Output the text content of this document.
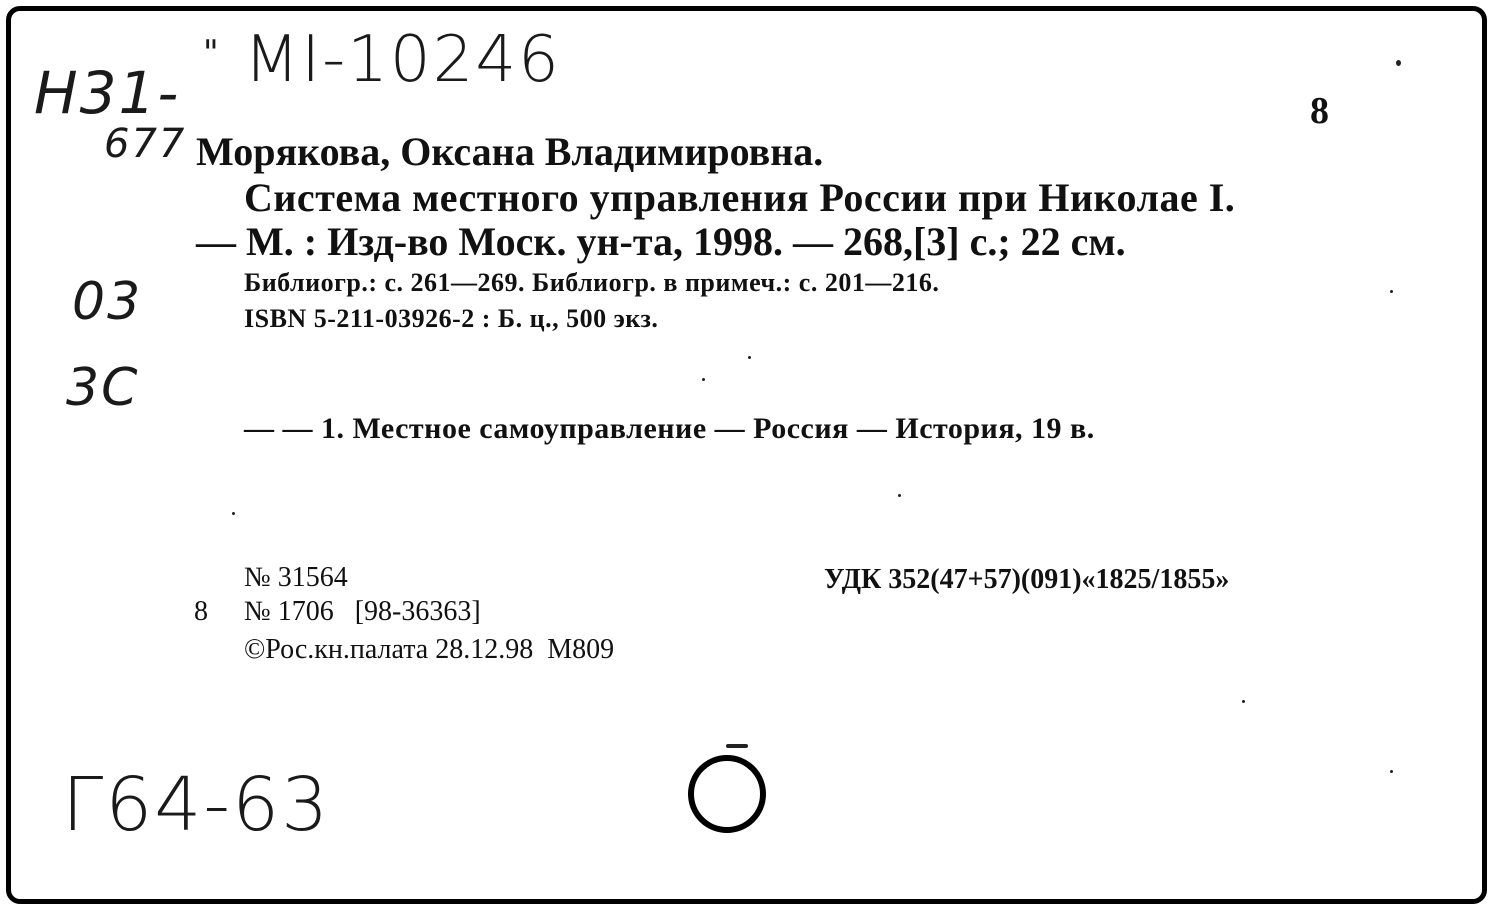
" МI-10246
Н31-
677
03
3C
Г64-63
8
Морякова, Оксана Владимировна.
Система местного управления России при Николае I.
— М. : Изд-во Моск. ун-та, 1998. — 268,[3] с.; 22 см.
Библиогр.: с. 261—269. Библиогр. в примеч.: с. 201—216.
ISBN 5-211-03926-2 : Б. ц., 500 экз.
— — 1. Местное самоуправление — Россия — История, 19 в.
№ 31564
8 № 1706   [98-36363]
©Рос.кн.палата 28.12.98  М809
УДК 352(47+57)(091)«1825/1855»
